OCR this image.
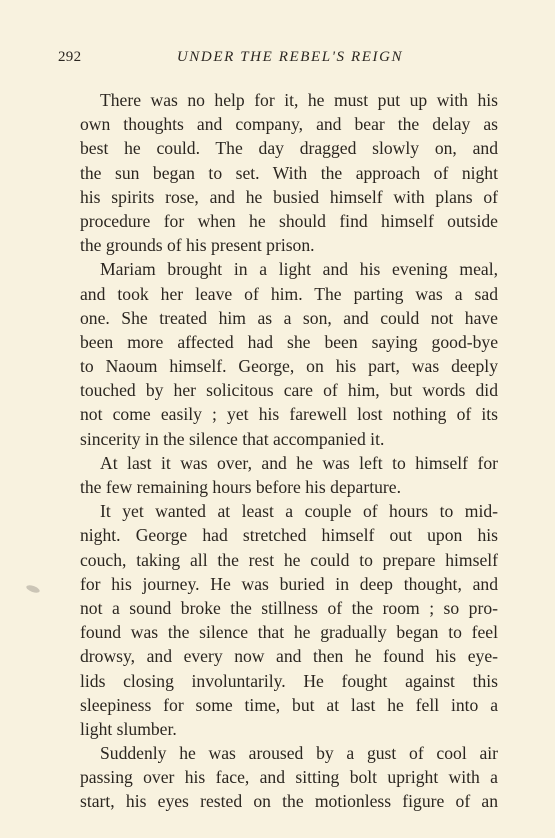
292	UNDER THE REBEL'S REIGN
There was no help for it, he must put up with his
own thoughts and company, and bear the delay as
best he could. The day dragged slowly on, and
the sun began to set. With the approach of night
his spirits rose, and he busied himself with plans of
procedure for when he should find himself outside
the grounds of his present prison.
Mariam brought in a light and his evening meal,
and took her leave of him. The parting was a sad
one. She treated him as a son, and could not have
been more affected had she been saying good-bye
to Naoum himself. George, on his part, was deeply
touched by her solicitous care of him, but words did
not come easily ; yet his farewell lost nothing of its
sincerity in the silence that accompanied it.
At last it was over, and he was left to himself for
the few remaining hours before his departure.
It yet wanted at least a couple of hours to mid-
night. George had stretched himself out upon his
couch, taking all the rest he could to prepare himself
for his journey. He was buried in deep thought, and
not a sound broke the stillness of the room ; so pro-
found was the silence that he gradually began to feel
drowsy, and every now and then he found his eye-
lids closing involuntarily. He fought against this
sleepiness for some time, but at last he fell into a
light slumber.
Suddenly he was aroused by a gust of cool air
passing over his face, and sitting bolt upright with a
start, his eyes rested on the motionless figure of an
